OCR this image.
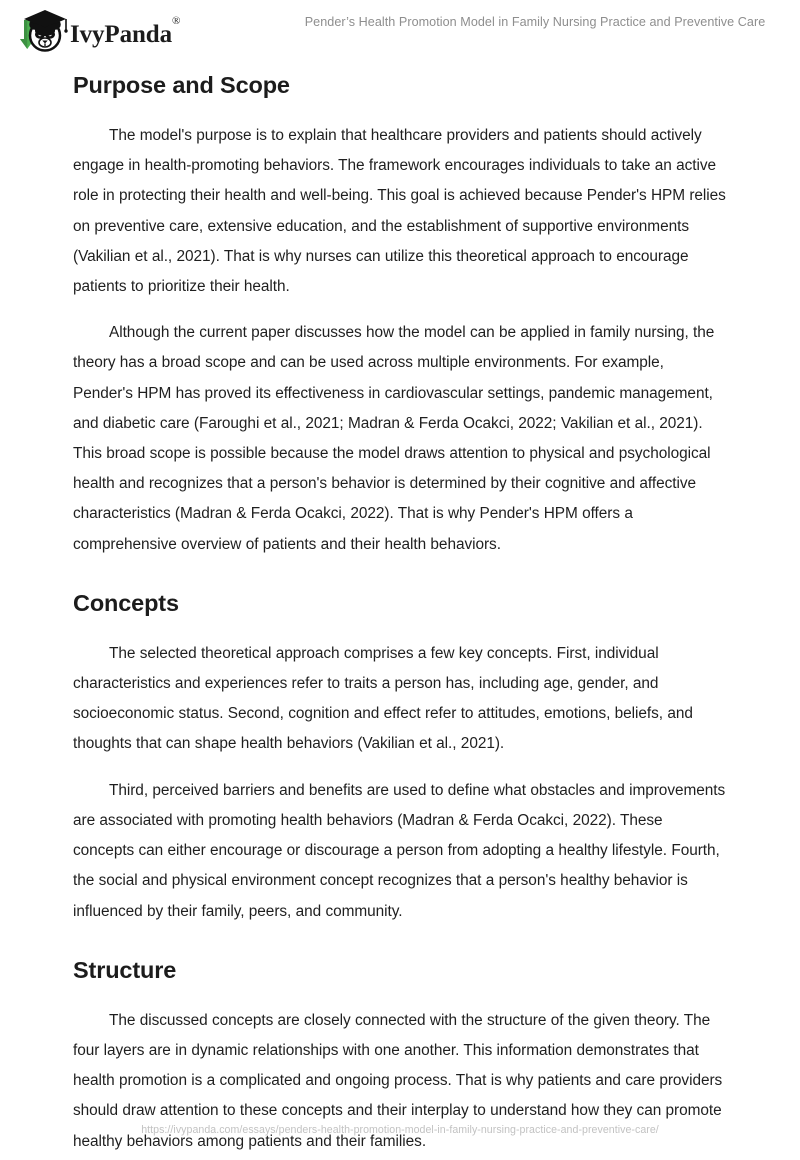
IvyPanda®	Pender’s Health Promotion Model in Family Nursing Practice and Preventive Care
Purpose and Scope

The model's purpose is to explain that healthcare providers and patients should actively engage in health-promoting behaviors. The framework encourages individuals to take an active role in protecting their health and well-being. This goal is achieved because Pender's HPM relies on preventive care, extensive education, and the establishment of supportive environments (Vakilian et al., 2021). That is why nurses can utilize this theoretical approach to encourage patients to prioritize their health.

Although the current paper discusses how the model can be applied in family nursing, the theory has a broad scope and can be used across multiple environments. For example, Pender's HPM has proved its effectiveness in cardiovascular settings, pandemic management, and diabetic care (Faroughi et al., 2021; Madran & Ferda Ocakci, 2022; Vakilian et al., 2021). This broad scope is possible because the model draws attention to physical and psychological health and recognizes that a person's behavior is determined by their cognitive and affective characteristics (Madran & Ferda Ocakci, 2022). That is why Pender's HPM offers a comprehensive overview of patients and their health behaviors.

Concepts

The selected theoretical approach comprises a few key concepts. First, individual characteristics and experiences refer to traits a person has, including age, gender, and socioeconomic status. Second, cognition and effect refer to attitudes, emotions, beliefs, and thoughts that can shape health behaviors (Vakilian et al., 2021).

Third, perceived barriers and benefits are used to define what obstacles and improvements are associated with promoting health behaviors (Madran & Ferda Ocakci, 2022). These concepts can either encourage or discourage a person from adopting a healthy lifestyle. Fourth, the social and physical environment concept recognizes that a person's healthy behavior is influenced by their family, peers, and community.

Structure

The discussed concepts are closely connected with the structure of the given theory. The four layers are in dynamic relationships with one another. This information demonstrates that health promotion is a complicated and ongoing process. That is why patients and care providers should draw attention to these concepts and their interplay to understand how they can promote healthy behaviors among patients and their families.

https://ivypanda.com/essays/penders-health-promotion-model-in-family-nursing-practice-and-preventive-care/
